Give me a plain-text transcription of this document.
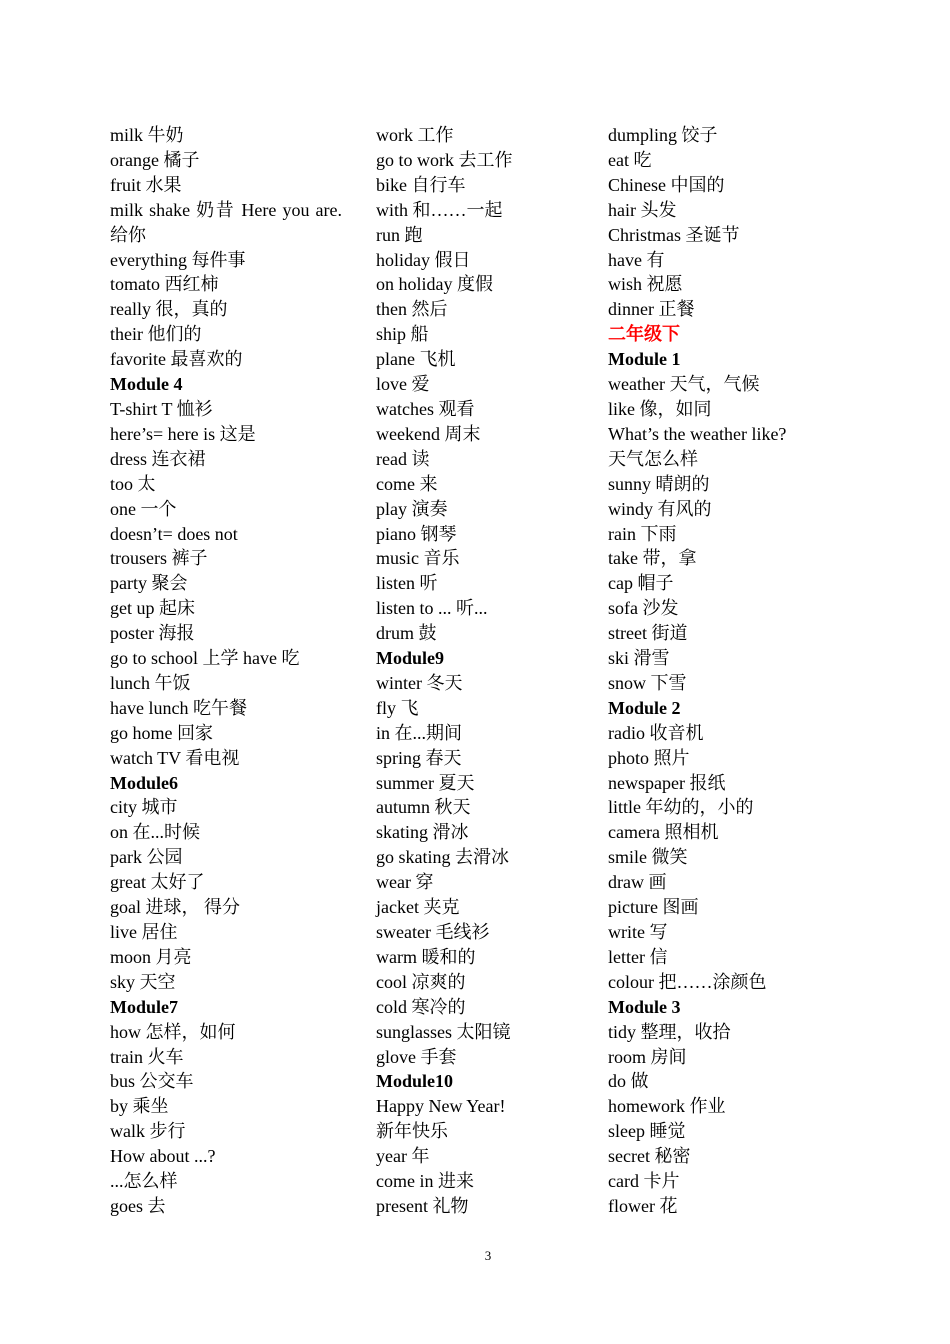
milk 牛奶
orange 橘子
fruit 水果
milk shake 奶昔 Here you are. 给你
everything 每件事
tomato 西红柿
really 很，真的
their 他们的
favorite 最喜欢的
Module 4
T-shirt T 恤衫
here’s= here is 这是
dress 连衣裙
too 太
one 一个
doesn’t= does not
trousers 裤子
party 聚会
get up 起床
poster 海报
go to school 上学 have 吃
lunch 午饭
have lunch 吃午餐
go home 回家
watch TV 看电视
Module6
city 城市
on 在...时候
park 公园
great 太好了
goal 进球， 得分
live 居住
moon 月亮
sky 天空
Module7
how 怎样，如何
train 火车
bus 公交车
by 乘坐
walk 步行
How about ...?
...怎么样
goes 去
work 工作
go to work 去工作
bike 自行车
with 和……一起
run 跑
holiday 假日
on holiday 度假
then 然后
ship 船
plane 飞机
love 爱
watches 观看
weekend 周末
read 读
come 来
play 演奏
piano 钢琴
music 音乐
listen 听
listen to ... 听...
drum 鼓
Module9
winter 冬天
fly 飞
in 在...期间
spring 春天
summer 夏天
autumn 秋天
skating 滑冰
go skating 去滑冰
wear 穿
jacket 夹克
sweater 毛线衫
warm 暖和的
cool 凉爽的
cold 寒冷的
sunglasses 太阳镜
glove 手套
Module10
Happy New Year!
新年快乐
year 年
come in 进来
present 礼物
dumpling 饺子
eat 吃
Chinese 中国的
hair 头发
Christmas 圣诞节
have 有
wish 祝愿
dinner 正餐
二年级下
Module 1
weather 天气，气候
like 像，如同
What’s the weather like?
天气怎么样
sunny 晴朗的
windy 有风的
rain 下雨
take 带，拿
cap 帽子
sofa 沙发
street 街道
ski 滑雪
snow 下雪
Module 2
radio 收音机
photo 照片
newspaper 报纸
little 年幼的，小的
camera 照相机
smile 微笑
draw 画
picture 图画
write 写
letter 信
colour 把……涂颜色
Module 3
tidy 整理，收拾
room 房间
do 做
homework 作业
sleep 睡觉
secret 秘密
card 卡片
flower 花
3
